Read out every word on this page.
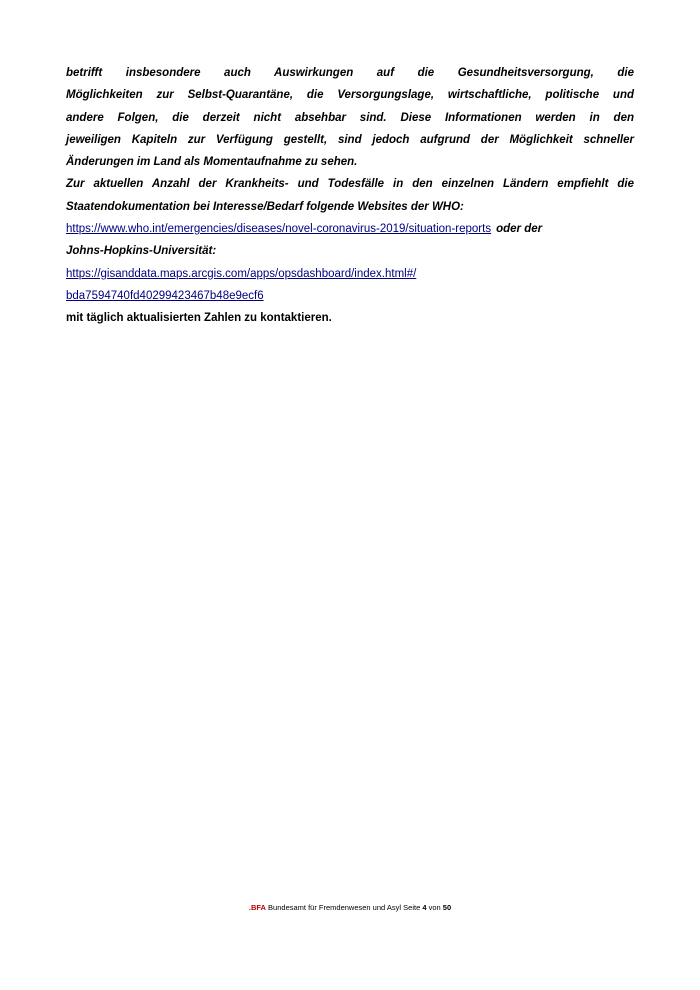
betrifft insbesondere auch Auswirkungen auf die Gesundheitsversorgung, die
Möglichkeiten zur Selbst-Quarantäne, die Versorgungslage, wirtschaftliche, politische und
andere Folgen, die derzeit nicht absehbar sind. Diese Informationen werden in den
jeweiligen Kapiteln zur Verfügung gestellt, sind jedoch aufgrund der Möglichkeit schneller
Änderungen im Land als Momentaufnahme zu sehen.
Zur aktuellen Anzahl der Krankheits- und Todesfälle in den einzelnen Ländern empfiehlt die
Staatendokumentation bei Interesse/Bedarf folgende Websites der WHO:
https://www.who.int/emergencies/diseases/novel-coronavirus-2019/situation-reports oder der
Johns-Hopkins-Universität:
https://gisanddata.maps.arcgis.com/apps/opsdashboard/index.html#/
bda7594740fd40299423467b48e9ecf6
mit täglich aktualisierten Zahlen zu kontaktieren.
.BFA Bundesamt für Fremdenwesen und Asyl Seite 4 von 50
